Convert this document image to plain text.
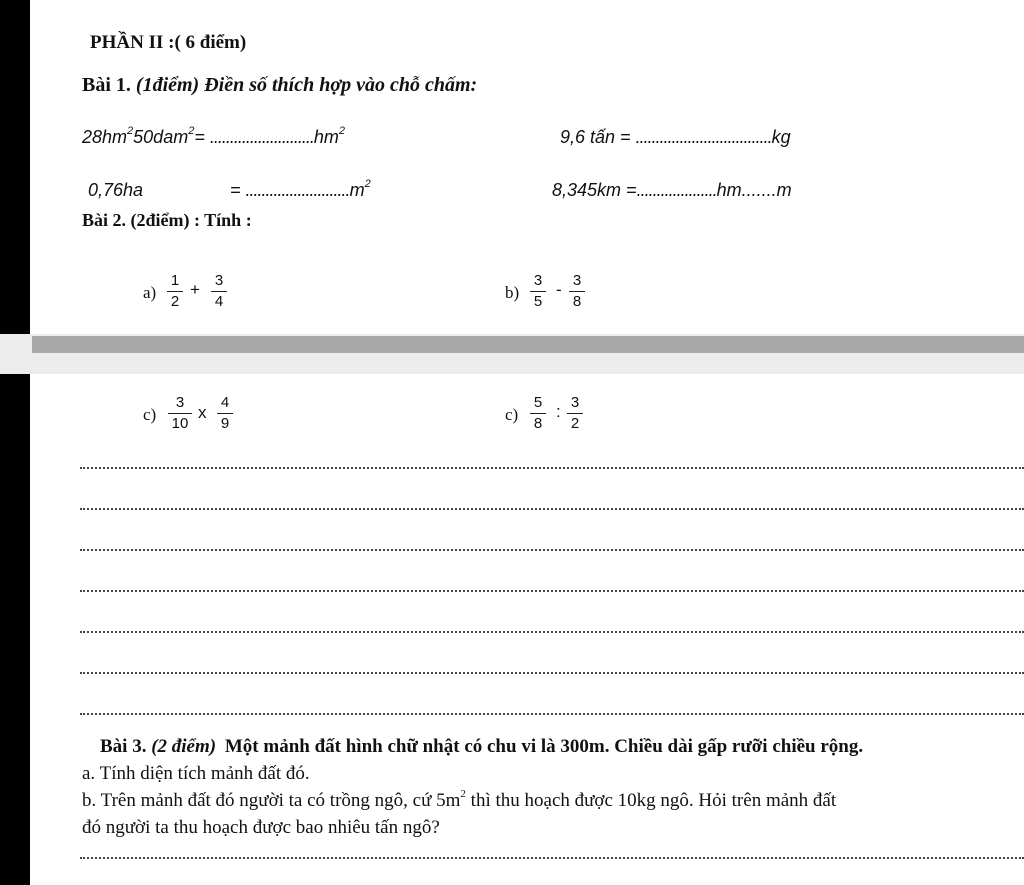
PHẦN II :( 6 điểm)
Bài 1. (1điểm) Điền số thích hợp vào chỗ chấm:
$28hm^250dam^2= ..........................hm^2$	9,6 tấn = ..................................kg
0,76ha	= $..........................m^2$	8,345km =....................hm.......m
Bài 2. (2điểm) : Tính :
$a) \frac{1}{2} + \frac{3}{4}$	$b) \frac{3}{5} - \frac{3}{8}$
$c) \frac{3}{10}$ x $\frac{4}{9}$	$c) \frac{5}{8}$ : $\frac{3}{2}$
Bài 3. (2 điểm) Một mảnh đất hình chữ nhật có chu vi là 300m. Chiều dài gấp rưỡi chiều rộng.
a. Tính diện tích mảnh đất đó.
b. Trên mảnh đất đó người ta có trồng ngô, cứ $5m^2$ thì thu hoạch được 10kg ngô. Hỏi trên mảnh đất
đó người ta thu hoạch được bao nhiêu tấn ngô?
